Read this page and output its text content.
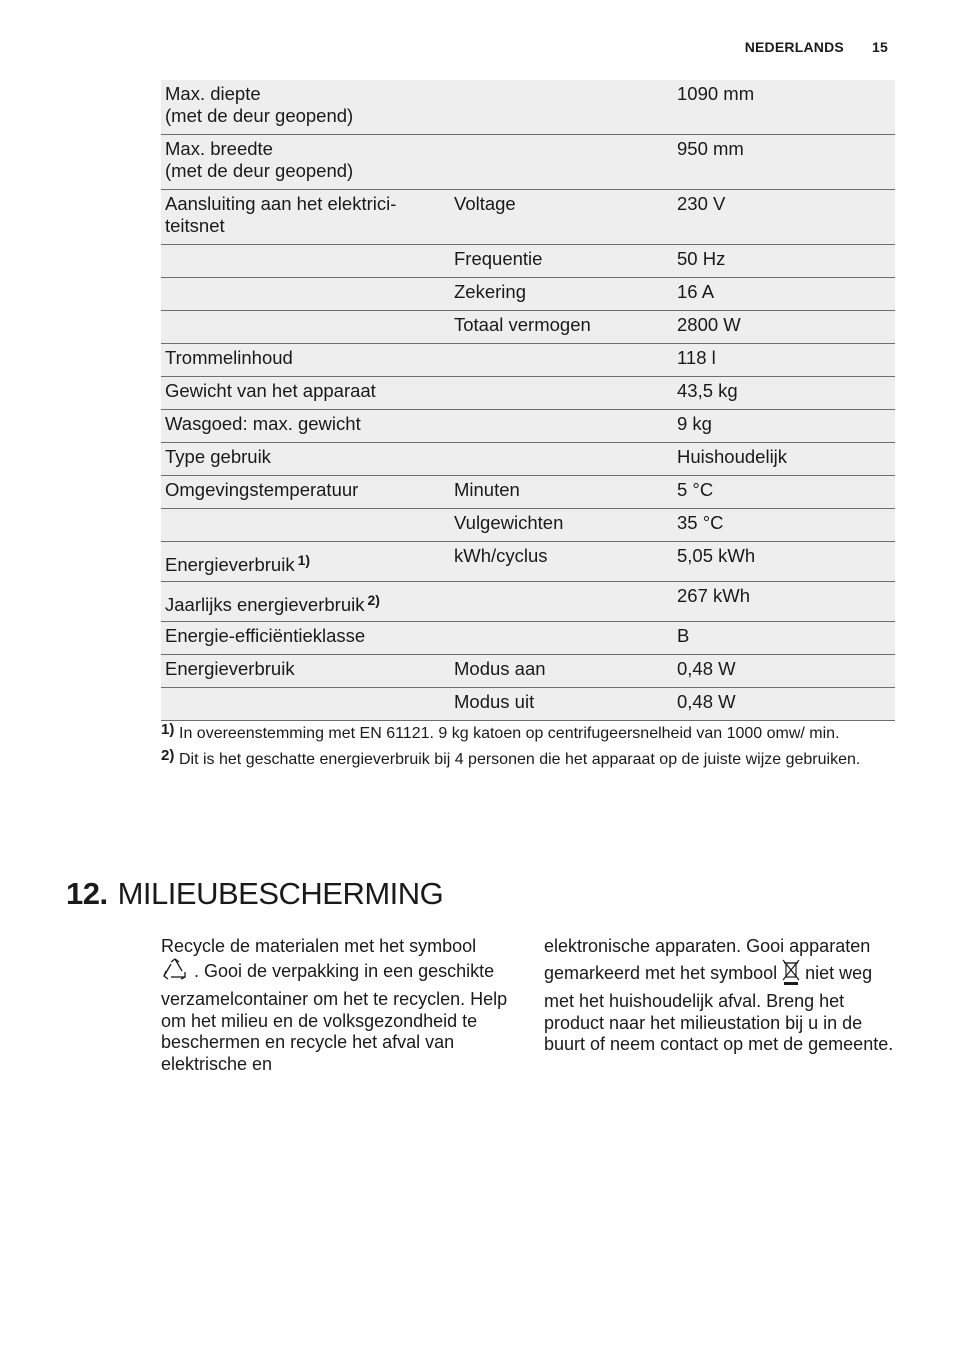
NEDERLANDS 15
Max. diepte
(met de deur geopend)		1090 mm
Max. breedte
(met de deur geopend)		950 mm
Aansluiting aan het elektrici-
teitsnet	Voltage	230 V
	Frequentie	50 Hz
	Zekering	16 A
	Totaal vermogen	2800 W
Trommelinhoud		118 l
Gewicht van het apparaat		43,5 kg
Wasgoed: max. gewicht		9 kg
Type gebruik		Huishoudelijk
Omgevingstemperatuur	Minuten	5 °C
	Vulgewichten	35 °C
Energieverbruik $^{1)}$	kWh/cyclus	5,05 kWh
Jaarlijks energieverbruik $^{2)}$		267 kWh
Energie-efficiëntieklasse		B
Energieverbruik	Modus aan	0,48 W
	Modus uit	0,48 W
1) In overeenstemming met EN 61121. 9 kg katoen op centrifugeersnelheid van 1000 omw/ min.
2) Dit is het geschatte energieverbruik bij 4 personen die het apparaat op de juiste wijze gebruiken.
12. MILIEUBESCHERMING
Recycle de materialen met het symbool
. Gooi de verpakking in een geschikte
verzamelcontainer om het te recyclen. Help om het milieu en de volksgezondheid te beschermen en recycle het afval van elektrische en
elektronische apparaten. Gooi apparaten gemarkeerd met het symbool niet weg
met het huishoudelijk afval. Breng het product naar het milieustation bij u in de buurt of neem contact op met de gemeente.
